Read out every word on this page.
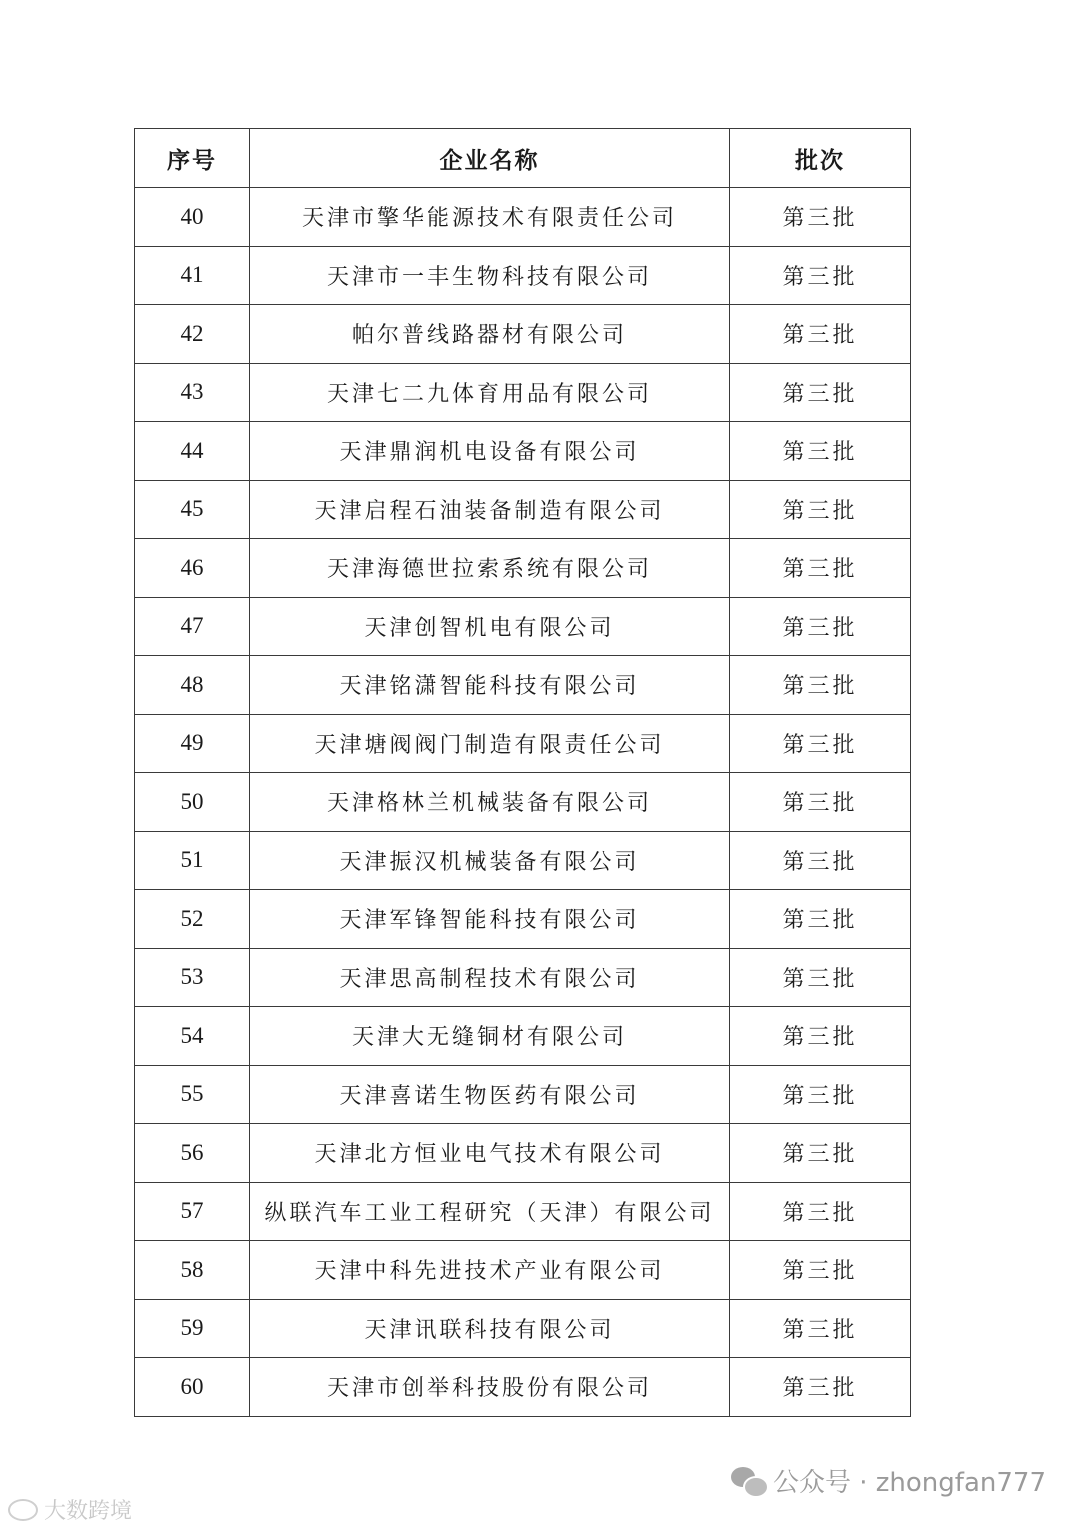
序号	企业名称	批次
40	天津市擎华能源技术有限责任公司	第三批
41	天津市一丰生物科技有限公司	第三批
42	帕尔普线路器材有限公司	第三批
43	天津七二九体育用品有限公司	第三批
44	天津鼎润机电设备有限公司	第三批
45	天津启程石油装备制造有限公司	第三批
46	天津海德世拉索系统有限公司	第三批
47	天津创智机电有限公司	第三批
48	天津铭潇智能科技有限公司	第三批
49	天津塘阀阀门制造有限责任公司	第三批
50	天津格林兰机械装备有限公司	第三批
51	天津振汉机械装备有限公司	第三批
52	天津军锋智能科技有限公司	第三批
53	天津思高制程技术有限公司	第三批
54	天津大无缝铜材有限公司	第三批
55	天津喜诺生物医药有限公司	第三批
56	天津北方恒业电气技术有限公司	第三批
57	纵联汽车工业工程研究（天津）有限公司	第三批
58	天津中科先进技术产业有限公司	第三批
59	天津讯联科技有限公司	第三批
60	天津市创举科技股份有限公司	第三批
公众号 · zhongfan777
大数跨境
